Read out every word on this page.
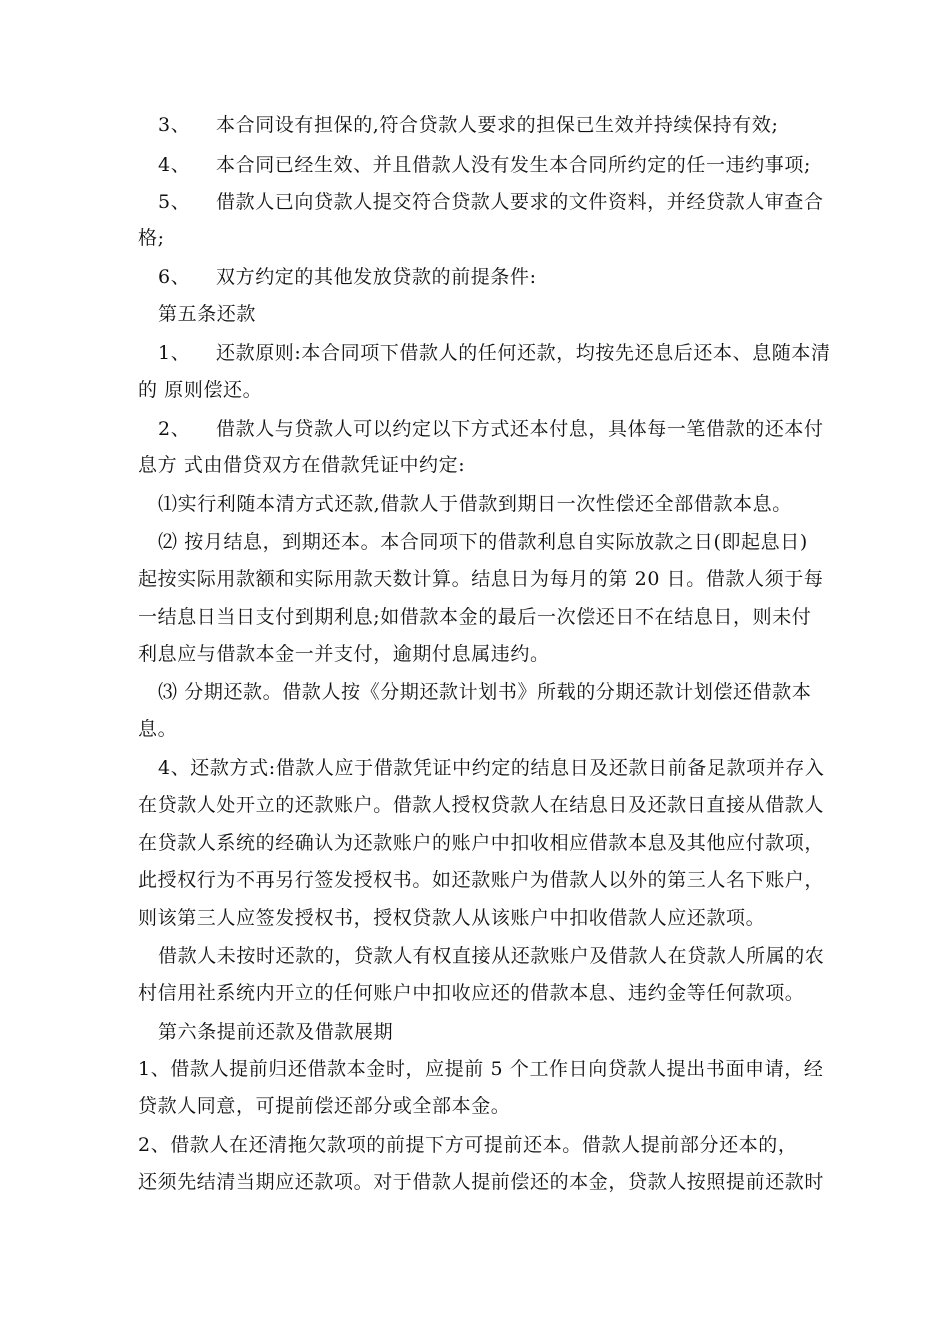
3、 本合同设有担保的,符合贷款人要求的担保已生效并持续保持有效;
4、 本合同已经生效、并且借款人没有发生本合同所约定的任一违约事项;
5、 借款人已向贷款人提交符合贷款人要求的文件资料，并经贷款人审查合
格;
6、 双方约定的其他发放贷款的前提条件:
第五条还款
1、 还款原则:本合同项下借款人的任何还款，均按先还息后还本、息随本清
的 原则偿还。
2、 借款人与贷款人可以约定以下方式还本付息，具体每一笔借款的还本付
息方 式由借贷双方在借款凭证中约定:
⑴实行利随本清方式还款,借款人于借款到期日一次性偿还全部借款本息。
⑵ 按月结息，到期还本。本合同项下的借款利息自实际放款之日(即起息日)
起按实际用款额和实际用款天数计算。结息日为每月的第 20 日。借款人须于每
一结息日当日支付到期利息;如借款本金的最后一次偿还日不在结息日，则未付
利息应与借款本金一并支付，逾期付息属违约。
⑶ 分期还款。借款人按《分期还款计划书》所载的分期还款计划偿还借款本
息。
4、还款方式:借款人应于借款凭证中约定的结息日及还款日前备足款项并存入
在贷款人处开立的还款账户。借款人授权贷款人在结息日及还款日直接从借款人
在贷款人系统的经确认为还款账户的账户中扣收相应借款本息及其他应付款项，
此授权行为不再另行签发授权书。如还款账户为借款人以外的第三人名下账户，
则该第三人应签发授权书，授权贷款人从该账户中扣收借款人应还款项。
借款人未按时还款的，贷款人有权直接从还款账户及借款人在贷款人所属的农
村信用社系统内开立的任何账户中扣收应还的借款本息、违约金等任何款项。
第六条提前还款及借款展期
1、借款人提前归还借款本金时，应提前 5 个工作日向贷款人提出书面申请，经
贷款人同意，可提前偿还部分或全部本金。
2、借款人在还清拖欠款项的前提下方可提前还本。借款人提前部分还本的，
还须先结清当期应还款项。对于借款人提前偿还的本金，贷款人按照提前还款时
